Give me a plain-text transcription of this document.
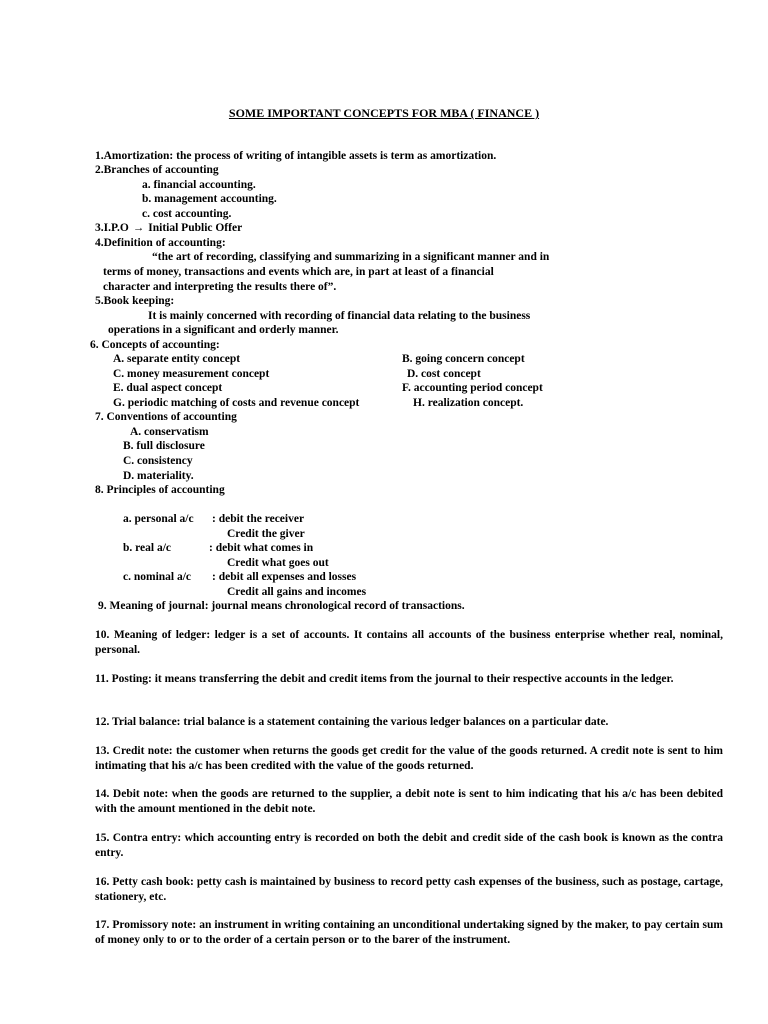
SOME IMPORTANT CONCEPTS FOR MBA ( FINANCE )
1.Amortization: the process of writing of intangible assets is term as amortization.
2.Branches of accounting
a. financial accounting.
b. management accounting.
c. cost accounting.
3.I.P.O → Initial Public Offer
4.Definition of accounting:
“the art of recording, classifying and summarizing in a significant manner and in
terms of money, transactions and events which are, in part at least of a financial
character and interpreting the results there of”.
5.Book keeping:
It is mainly concerned with recording of financial data relating to the business
operations in a significant and orderly manner.
6. Concepts of accounting:
A. separate entity concept	B. going concern concept
C. money measurement concept	D. cost concept
E. dual aspect concept	F. accounting period concept
G. periodic matching of costs and revenue concept	H. realization concept.
7. Conventions of accounting
A. conservatism
B. full disclosure
C. consistency
D. materiality.
8. Principles of accounting
a. personal a/c : debit the receiver
Credit the giver
b. real a/c	: debit what comes in
Credit what goes out
c. nominal a/c : debit all expenses and losses
Credit all gains and incomes
9. Meaning of journal: journal means chronological record of transactions.
10. Meaning of ledger: ledger is a set of accounts. It contains all accounts of the business enterprise whether real, nominal, personal.
11. Posting: it means transferring the debit and credit items from the journal to their respective accounts in the ledger.
12. Trial balance: trial balance is a statement containing the various ledger balances on a particular date.
13. Credit note: the customer when returns the goods get credit for the value of the goods returned. A credit note is sent to him intimating that his a/c has been credited with the value of the goods returned.
14. Debit note: when the goods are returned to the supplier, a debit note is sent to him indicating that his a/c has been debited with the amount mentioned in the debit note.
15. Contra entry: which accounting entry is recorded on both the debit and credit side of the cash book is known as the contra entry.
16. Petty cash book: petty cash is maintained by business to record petty cash expenses of the business, such as postage, cartage, stationery, etc.
17. Promissory note: an instrument in writing containing an unconditional undertaking signed by the maker, to pay certain sum of money only to or to the order of a certain person or to the barer of the instrument.
